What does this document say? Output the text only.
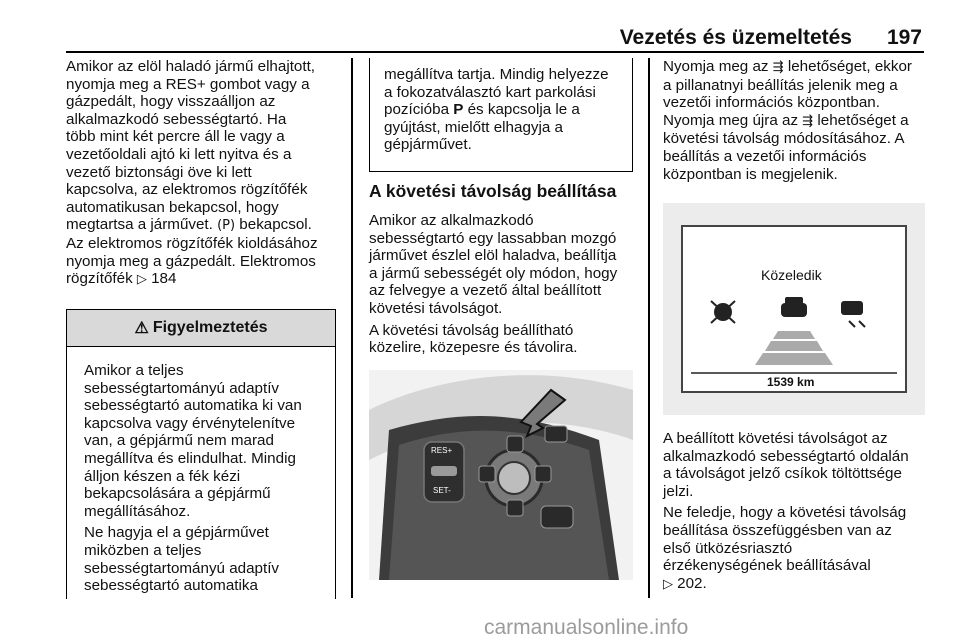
Vezetés és üzemeltetés 197
Amikor az elöl haladó jármű elhajtott,
nyomja meg a RES+ gombot vagy a
gázpedált, hogy visszaálljon az
alkalmazkodó sebességtartó. Ha
több mint két percre áll le vagy a
vezetőoldali ajtó ki lett nyitva és a
vezető biztonsági öve ki lett
kapcsolva, az elektromos rögzítőfék
automatikusan bekapcsol, hogy
megtartsa a járművet. (P) bekapcsol.
Az elektromos rögzítőfék kioldásához
nyomja meg a gázpedált. Elektromos
rögzítőfék ▷ 184
⚠ Figyelmeztetés

Amikor a teljes
sebességtartományú adaptív
sebességtartó automatika ki van
kapcsolva vagy érvénytelenítve
van, a gépjármű nem marad
megállítva és elindulhat. Mindig
álljon készen a fék kézi
bekapcsolására a gépjármű
megállításához.

Ne hagyja el a gépjárművet
miközben a teljes
sebességtartományú adaptív
sebességtartó automatika

megállítva tartja. Mindig helyezze
a fokozatválasztó kart parkolási
pozícióba P és kapcsolja le a
gyújtást, mielőtt elhagyja a
gépjárművet.
A követési távolság beállítása

Amikor az alkalmazkodó
sebességtartó egy lassabban mozgó
járművet észlel elöl haladva, beállítja
a jármű sebességét oly módon, hogy
az felvegye a vezető által beállított
követési távolságot.

A követési távolság beállítható
közelire, közepesre és távolira.

RES+
SET-
Nyomja meg az ⇶ lehetőséget, ekkor
a pillanatnyi beállítás jelenik meg a
vezetői információs központban.
Nyomja meg újra az ⇶ lehetőséget a
követési távolság módosításához. A
beállítás a vezetői információs
központban is megjelenik.
Közeledik
1539 km

A beállított követési távolságot az
alkalmazkodó sebességtartó oldalán
a távolságot jelző csíkok töltöttsége
jelzi.

Ne feledje, hogy a követési távolság
beállítása összefüggésben van az
első ütközésriasztó
érzékenységének beállításával
▷ 202.

carmanualsonline.info
